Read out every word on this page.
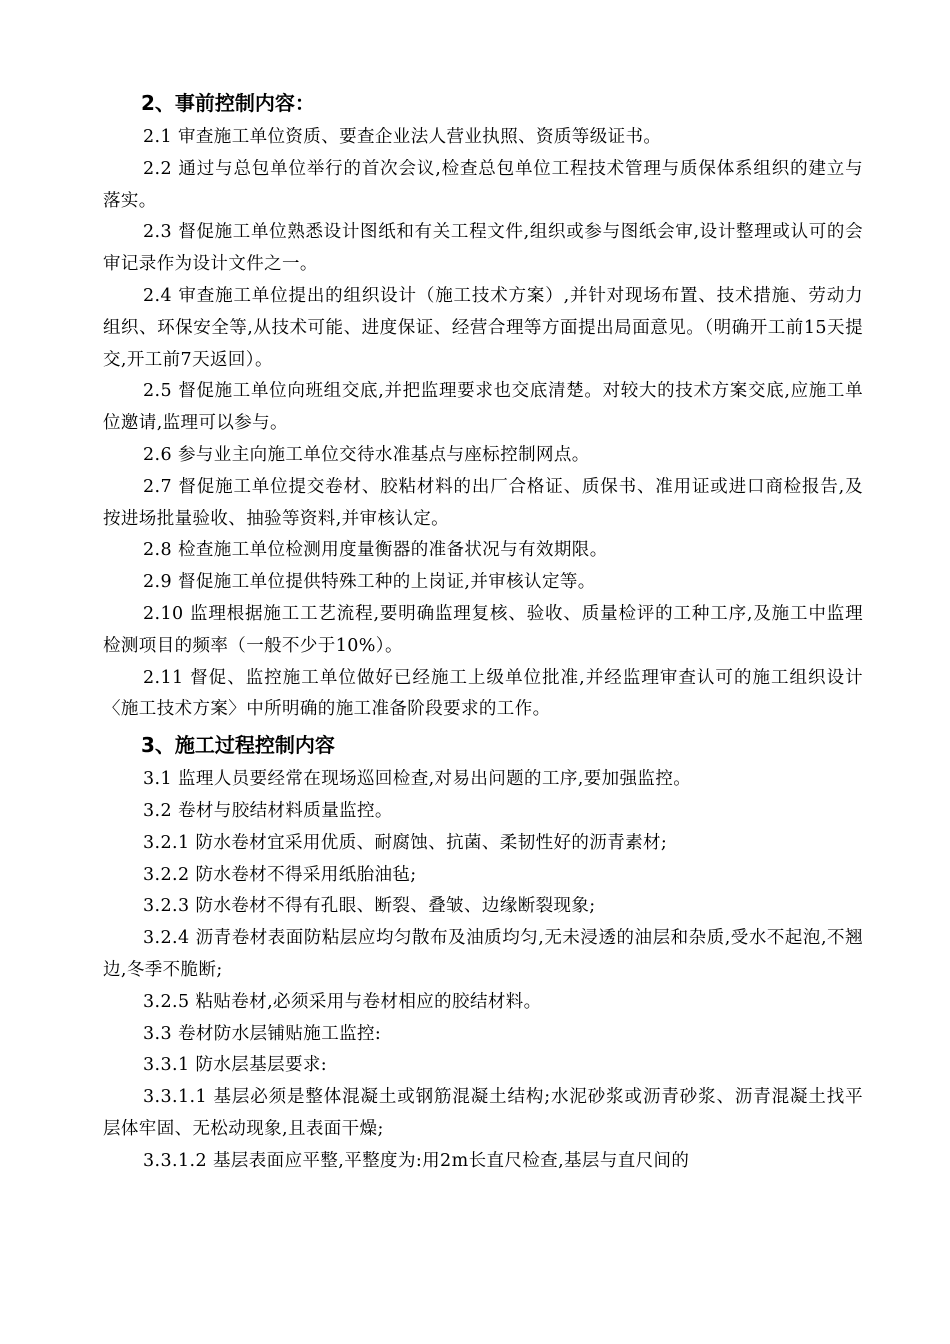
2、事前控制内容：

2.1 审查施工单位资质、要查企业法人营业执照、资质等级证书。

2.2 通过与总包单位举行的首次会议,检查总包单位工程技术管理与质保体系组织的建立与落实。

2.3 督促施工单位熟悉设计图纸和有关工程文件,组织或参与图纸会审,设计整理或认可的会审记录作为设计文件之一。

2.4 审查施工单位提出的组织设计（施工技术方案）,并针对现场布置、技术措施、劳动力组织、环保安全等,从技术可能、进度保证、经营合理等方面提出局面意见。（明确开工前15天提交,开工前7天返回）。

2.5 督促施工单位向班组交底,并把监理要求也交底清楚。对较大的技术方案交底,应施工单位邀请,监理可以参与。

2.6 参与业主向施工单位交待水准基点与座标控制网点。

2.7 督促施工单位提交卷材、胶粘材料的出厂合格证、质保书、准用证或进口商检报告,及按进场批量验收、抽验等资料,并审核认定。

2.8 检查施工单位检测用度量衡器的准备状况与有效期限。

2.9 督促施工单位提供特殊工种的上岗证,并审核认定等。

2.10 监理根据施工工艺流程,要明确监理复核、验收、质量检评的工种工序,及施工中监理检测项目的频率（一般不少于10%）。

2.11 督促、监控施工单位做好已经施工上级单位批准,并经监理审查认可的施工组织设计〈施工技术方案〉中所明确的施工准备阶段要求的工作。

3、施工过程控制内容

3.1 监理人员要经常在现场巡回检查,对易出问题的工序,要加强监控。

3.2 卷材与胶结材料质量监控。

3.2.1 防水卷材宜采用优质、耐腐蚀、抗菌、柔韧性好的沥青素材;

3.2.2 防水卷材不得采用纸胎油毡;

3.2.3 防水卷材不得有孔眼、断裂、叠皱、边缘断裂现象;

3.2.4 沥青卷材表面防粘层应均匀散布及油质均匀,无未浸透的油层和杂质,受水不起泡,不翘边,冬季不脆断;

3.2.5 粘贴卷材,必须采用与卷材相应的胶结材料。

3.3 卷材防水层铺贴施工监控:

3.3.1 防水层基层要求:

3.3.1.1 基层必须是整体混凝土或钢筋混凝土结构;水泥砂浆或沥青砂浆、沥青混凝土找平层体牢固、无松动现象,且表面干燥;

3.3.1.2 基层表面应平整,平整度为:用2m长直尺检查,基层与直尺间的
